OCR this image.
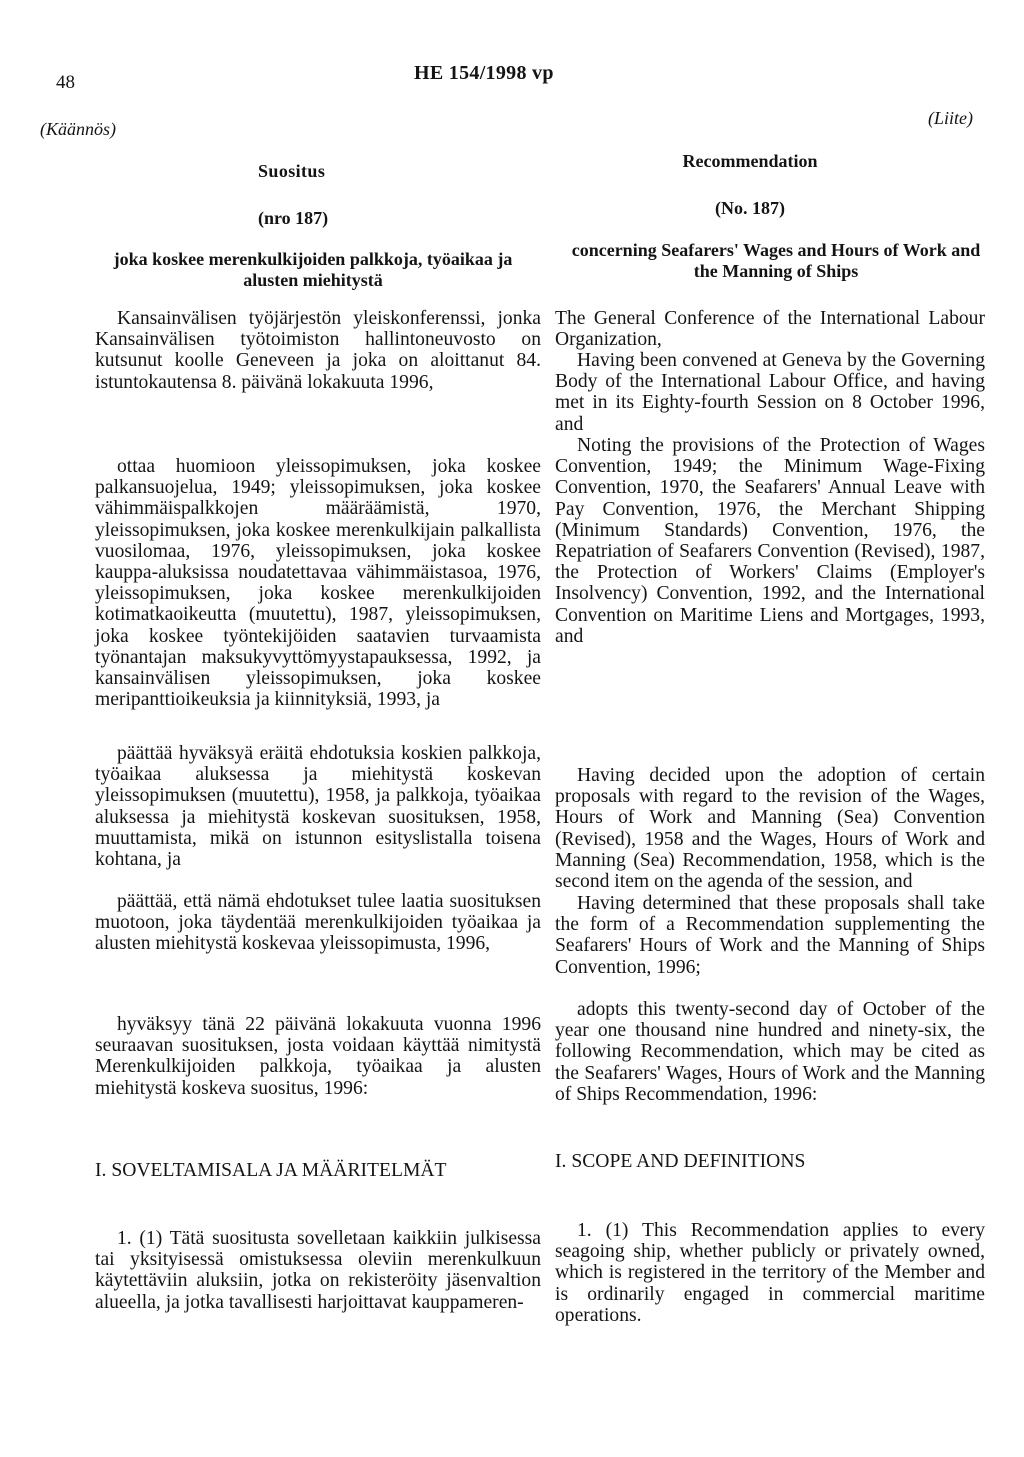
48	HE 154/1998 vp
(Käännös)
(Liite)
Suositus
(nro 187)
joka koskee merenkulkijoiden palkkoja, työaikaa ja alusten miehitystä
Kansainvälisen työjärjestön yleiskonferenssi, jonka Kansainvälisen työtoimiston hallintoneuvosto on kutsunut koolle Geneveen ja joka on aloittanut 84. istuntokautensa 8. päivänä lokakuuta 1996,
ottaa huomioon yleissopimuksen, joka koskee palkansuojelua, 1949; yleissopimuksen, joka koskee vähimmäispalkkojen määräämistä, 1970, yleissopimuksen, joka koskee merenkulkijain palkallista vuosilomaa, 1976, yleissopimuksen, joka koskee kauppa-aluksissa noudatettavaa vähimmäistasoa, 1976, yleissopimuksen, joka koskee merenkulkijoiden kotimatkaoikeutta (muutettu), 1987, yleissopimuksen, joka koskee työntekijöiden saatavien turvaamista työnantajan maksukyvyttömyystapauksessa, 1992, ja kansainvälisen yleissopimuksen, joka koskee meripanttioikeuksia ja kiinnityksiä, 1993, ja
päättää hyväksyä eräitä ehdotuksia koskien palkkoja, työaikaa aluksessa ja miehitystä koskevan yleissopimuksen (muutettu), 1958, ja palkkoja, työaikaa aluksessa ja miehitystä koskevan suosituksen, 1958, muuttamista, mikä on istunnon esityslistalla toisena kohtana, ja
päättää, että nämä ehdotukset tulee laatia suosituksen muotoon, joka täydentää merenkulkijoiden työaikaa ja alusten miehitystä koskevaa yleissopimusta, 1996,
hyväksyy tänä 22 päivänä lokakuuta vuonna 1996 seuraavan suosituksen, josta voidaan käyttää nimitystä Merenkulkijoiden palkkoja, työaikaa ja alusten miehitystä koskeva suositus, 1996:
I. SOVELTAMISALA JA MÄÄRITELMÄT
1. (1) Tätä suositusta sovelletaan kaikkiin julkisessa tai yksityisessä omistuksessa oleviin merenkulkuun käytettäviin aluksiin, jotka on rekisteröity jäsenvaltion alueella, ja jotka tavallisesti harjoittavat kauppameren-
Recommendation
(No. 187)
concerning Seafarers' Wages and Hours of Work and the Manning of Ships
The General Conference of the International Labour Organization,
Having been convened at Geneva by the Governing Body of the International Labour Office, and having met in its Eighty-fourth Session on 8 October 1996, and
Noting the provisions of the Protection of Wages Convention, 1949; the Minimum Wage-Fixing Convention, 1970, the Seafarers' Annual Leave with Pay Convention, 1976, the Merchant Shipping (Minimum Standards) Convention, 1976, the Repatriation of Seafarers Convention (Revised), 1987, the Protection of Workers' Claims (Employer's Insolvency) Convention, 1992, and the International Convention on Maritime Liens and Mortgages, 1993, and
Having decided upon the adoption of certain proposals with regard to the revision of the Wages, Hours of Work and Manning (Sea) Convention (Revised), 1958 and the Wages, Hours of Work and Manning (Sea) Recommendation, 1958, which is the second item on the agenda of the session, and
Having determined that these proposals shall take the form of a Recommendation supplementing the Seafarers' Hours of Work and the Manning of Ships Convention, 1996;
adopts this twenty-second day of October of the year one thousand nine hundred and ninety-six, the following Recommendation, which may be cited as the Seafarers' Wages, Hours of Work and the Manning of Ships Recommendation, 1996:
I. SCOPE AND DEFINITIONS
1. (1) This Recommendation applies to every seagoing ship, whether publicly or privately owned, which is registered in the territory of the Member and is ordinarily engaged in commercial maritime operations.
